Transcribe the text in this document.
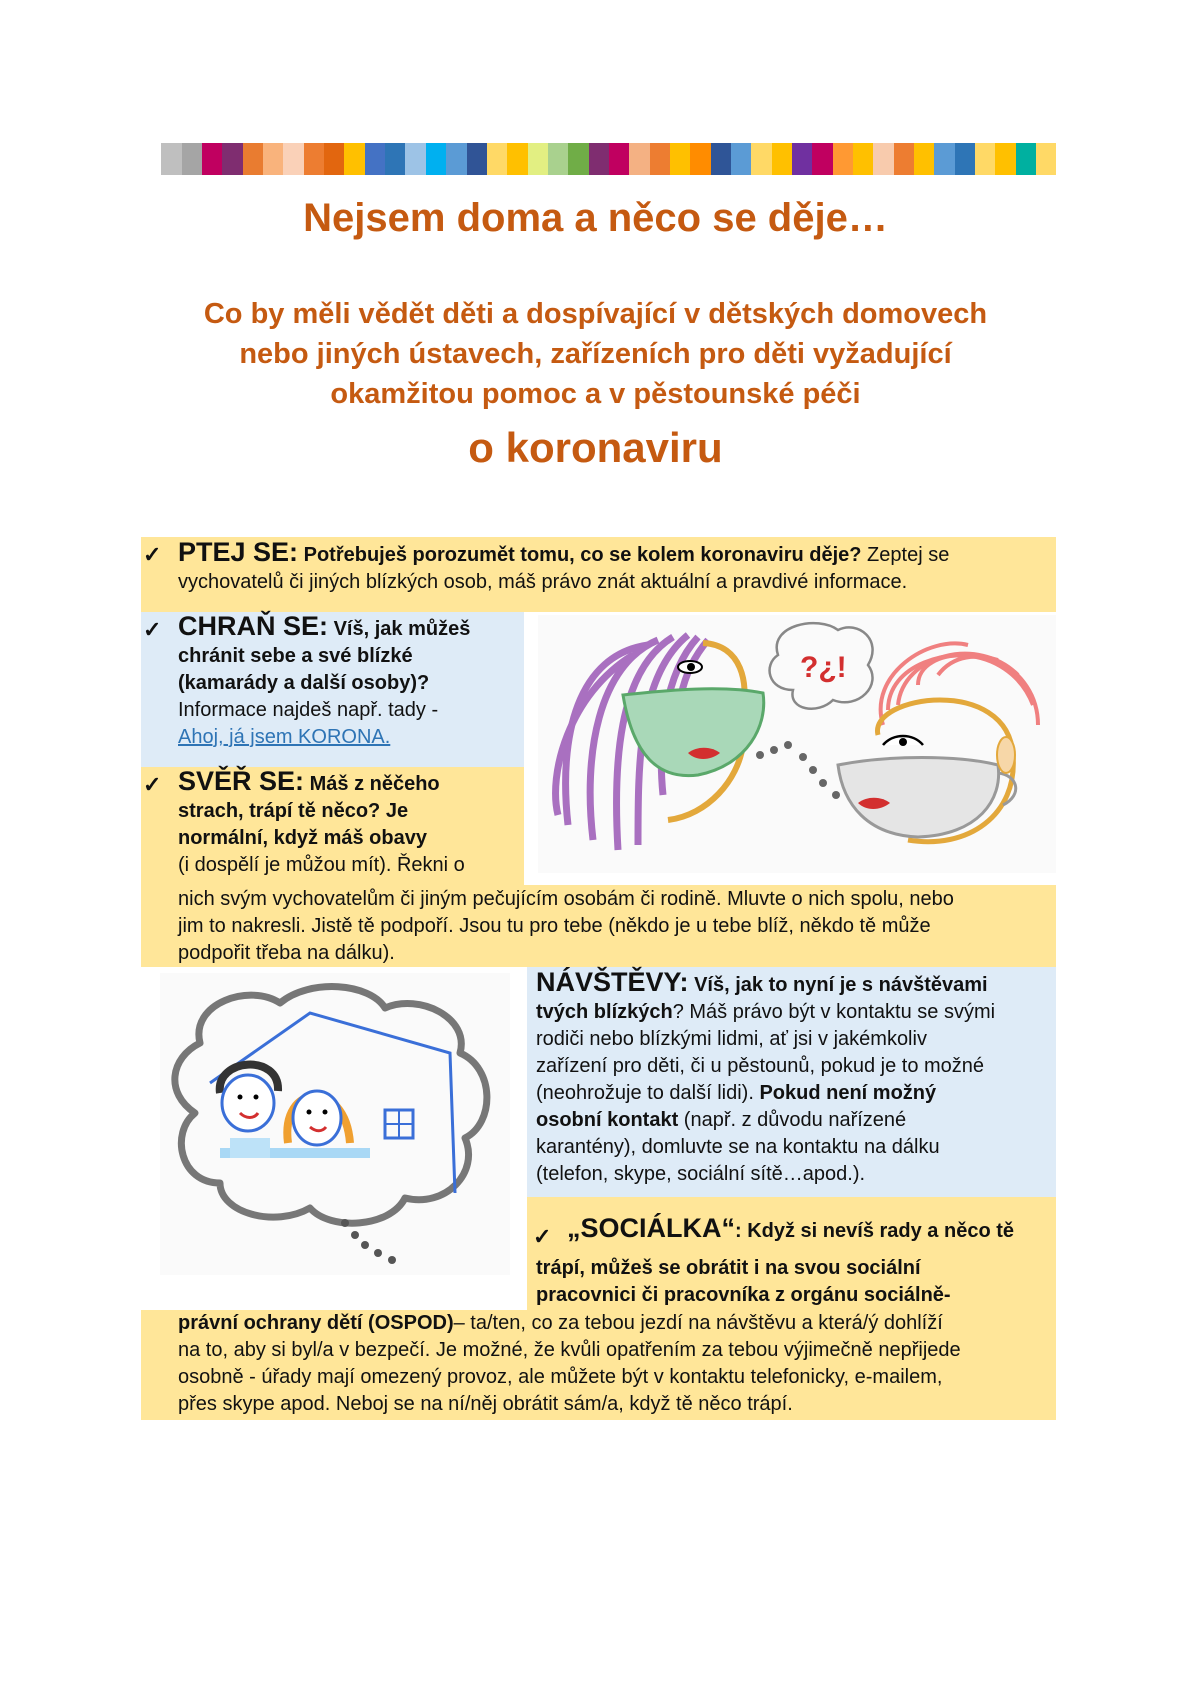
Nejsem doma a něco se děje…
Co by měli vědět děti a dospívající v dětských domovech
nebo jiných ústavech, zařízeních pro děti vyžadující
okamžitou pomoc a v pěstounské péči
o koronaviru
✓ PTEJ SE: Potřebuješ porozumět tomu, co se kolem koronaviru děje? Zeptej se
vychovatelů či jiných blízkých osob, máš právo znát aktuální a pravdivé informace.
✓ CHRAŇ SE: Víš, jak můžeš
chránit sebe a své blízké
(kamarády a další osoby)?
Informace najdeš např. tady -
Ahoj, já jsem KORONA.
✓ SVĚŘ SE: Máš z něčeho
strach, trápí tě něco? Je
normální, když máš obavy
(i dospělí je můžou mít). Řekni o
nich svým vychovatelům či jiným pečujícím osobám či rodině. Mluvte o nich spolu, nebo
jim to nakresli. Jistě tě podpoří. Jsou tu pro tebe (někdo je u tebe blíž, někdo tě může
podpořit třeba na dálku).
?¿!
NÁVŠTĚVY: Víš, jak to nyní je s návštěvami
tvých blízkých? Máš právo být v kontaktu se svými
rodiči nebo blízkými lidmi, ať jsi v jakémkoliv
zařízení pro děti, či u pěstounů, pokud je to možné
(neohrožuje to další lidi). Pokud není možný
osobní kontakt (např. z důvodu nařízené
karantény), domluvte se na kontaktu na dálku
(telefon, skype, sociální sítě…apod.).
✓ „SOCIÁLKA“: Když si nevíš rady a něco tě
trápí, můžeš se obrátit i na svou sociální
pracovnici či pracovníka z orgánu sociálně-
právní ochrany dětí (OSPOD)– ta/ten, co za tebou jezdí na návštěvu a která/ý dohlíží
na to, aby si byl/a v bezpečí. Je možné, že kvůli opatřením za tebou výjimečně nepřijede
osobně - úřady mají omezený provoz, ale můžete být v kontaktu telefonicky, e-mailem,
přes skype apod. Neboj se na ní/něj obrátit sám/a, když tě něco trápí.
